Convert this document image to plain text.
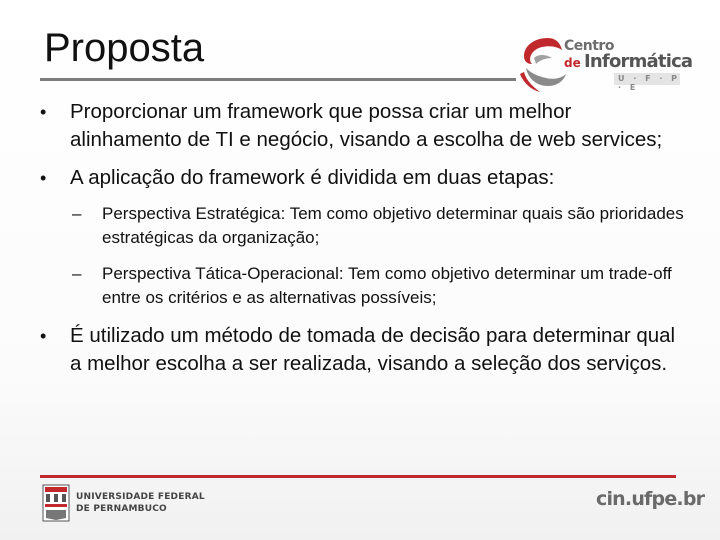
Proposta	Centro
de Informática
U · F · P · E
• Proporcionar um framework que possa criar um melhor alinhamento de TI e negócio, visando a escolha de web services;
• A aplicação do framework é dividida em duas etapas:
– Perspectiva Estratégica: Tem como objetivo determinar quais são prioridades estratégicas da organização;
– Perspectiva Tática-Operacional: Tem como objetivo determinar um trade-off entre os critérios e as alternativas possíveis;
• É utilizado um método de tomada de decisão para determinar qual a melhor escolha a ser realizada, visando a seleção dos serviços.
UNIVERSIDADE FEDERAL
DE PERNAMBUCO	cin.ufpe.br
